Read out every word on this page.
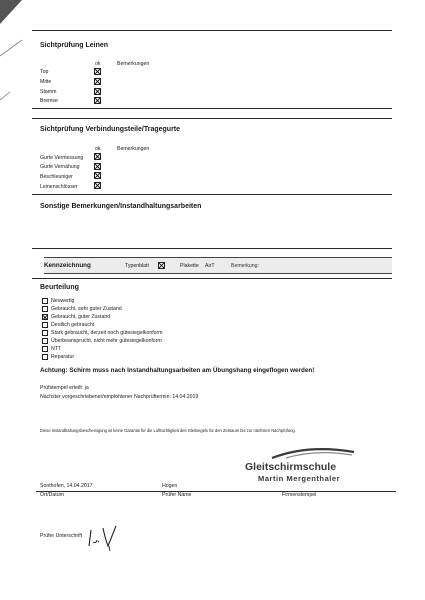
Sichtprüfung Leinen
ok	Bemerkungen
Top
Mitte
Stamm
Bremse
Sichtprüfung Verbindungsteile/Tragegurte
ok	Bemerkungen
Gurte Vermessung
Gurte Vernähung
Beschleuniger
Leinenschlösser
Sonstige Bemerkungen/Instandhaltungsarbeiten
Kennzeichnung	Typenblatt	Plakette AirT	Bemerkung:
Beurteilung
Neuwertig
Gebraucht, sehr guter Zustand
Gebraucht, guter Zustand
Deutlich gebraucht
Stark gebraucht, derzeit noch gütesiegelkonform
Überbeansprucht, nicht mehr gütesiegelkonform
NTT
Reparatur
Achtung: Schirm muss nach Instandhaltungsarbeiten am Übungshang eingeflogen werden!
Prüfstempel erteilt: ja
Nächster vorgeschriebener/empfohlener Nachprüftermin: 14.04.2019
Diese Instandhaltungsbescheinigung ist keine Garantie für die Lufttüchtigkeit des Gleitsegels für den Zeitraum bis zur nächsten Nachprüfung.
Gleitschirmschule
Martin Mergenthaler
Sonthofen, 14.04.2017	Hogen
Ort/Datum	Prüfer Name	Firmenstempel
Prüfer Unterschrift
